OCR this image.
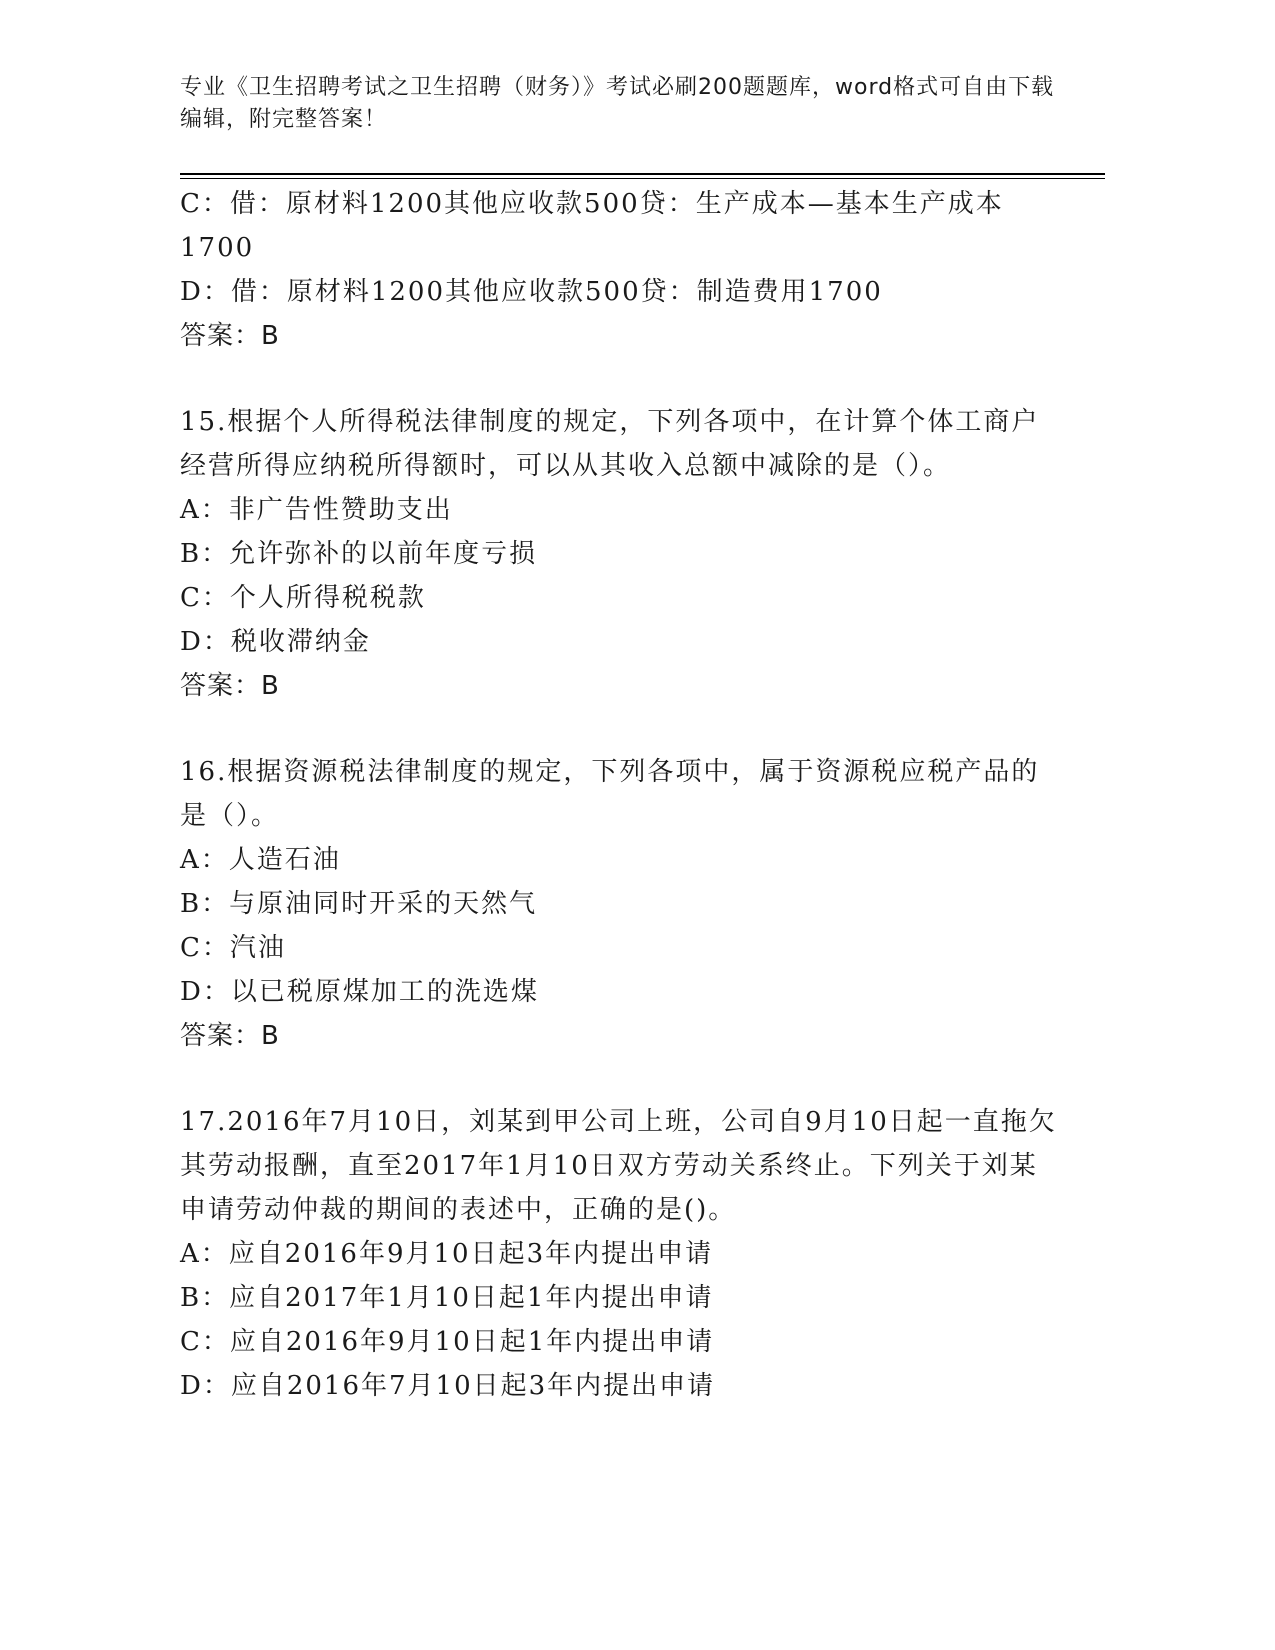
专业《卫生招聘考试之卫生招聘（财务）》考试必刷200题题库，word格式可自由下载编辑，附完整答案！

C：借：原材料1200其他应收款500贷：生产成本—基本生产成本

1700

D：借：原材料1200其他应收款500贷：制造费用1700

答案：B

15.根据个人所得税法律制度的规定，下列各项中，在计算个体工商户经营所得应纳税所得额时，可以从其收入总额中减除的是（）。

A：非广告性赞助支出

B：允许弥补的以前年度亏损

C：个人所得税税款

D：税收滞纳金

答案：B

16.根据资源税法律制度的规定，下列各项中，属于资源税应税产品的是（）。

A：人造石油

B：与原油同时开采的天然气

C：汽油

D：以已税原煤加工的洗选煤

答案：B

17.2016年7月10日，刘某到甲公司上班，公司自9月10日起一直拖欠其劳动报酬，直至2017年1月10日双方劳动关系终止。下列关于刘某申请劳动仲裁的期间的表述中，正确的是()。

A：应自2016年9月10日起3年内提出申请

B：应自2017年1月10日起1年内提出申请

C：应自2016年9月10日起1年内提出申请

D：应自2016年7月10日起3年内提出申请
